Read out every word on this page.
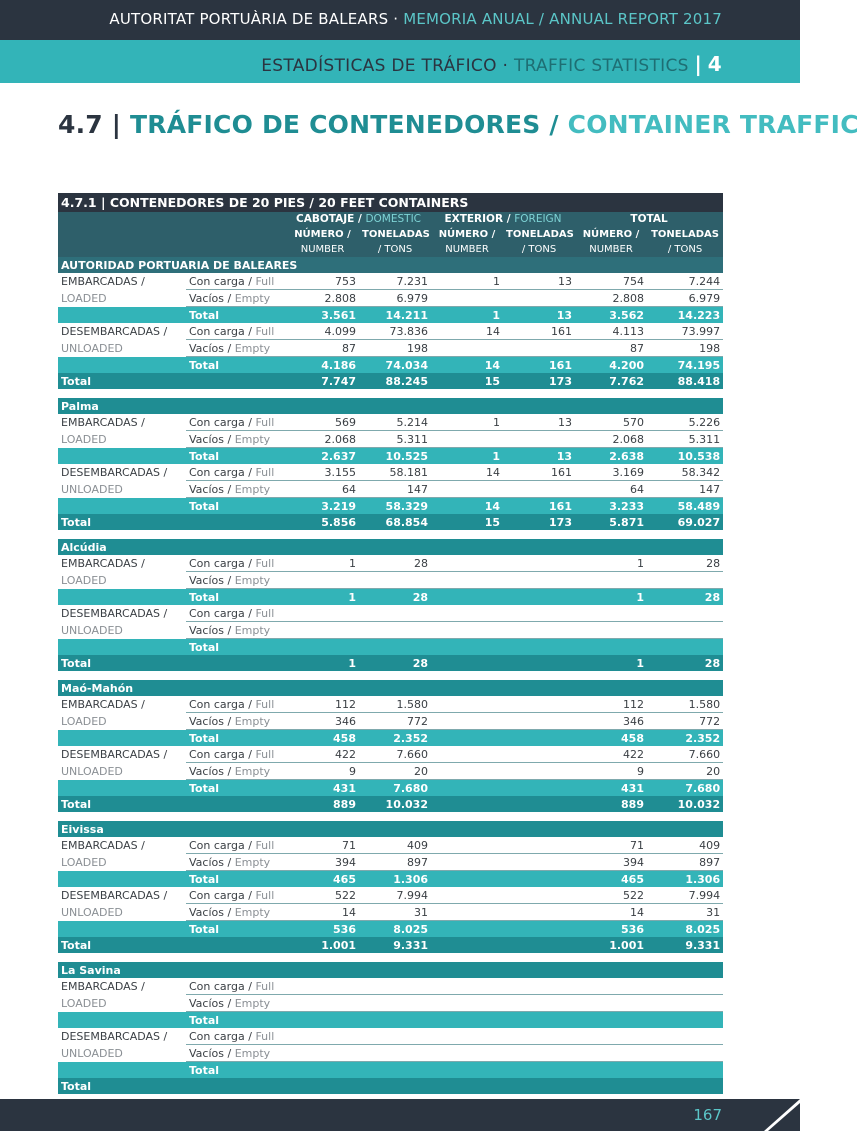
AUTORITAT PORTUÀRIA DE BALEARS · MEMORIA ANUAL / ANNUAL REPORT 2017
ESTADÍSTICAS DE TRÁFICO · TRAFFIC STATISTICS | 4
4.7 | TRÁFICO DE CONTENEDORES / CONTAINER TRAFFIC
4.7.1 | CONTENEDORES DE 20 PIES / 20 FEET CONTAINERS							
		CABOTAJE / DOMESTIC		EXTERIOR / FOREIGN		TOTAL	
		NÚMERO /	TONELADAS	NÚMERO /	TONELADAS	NÚMERO /	TONELADAS
		NUMBER	/ TONS	NUMBER	/ TONS	NUMBER	/ TONS
AUTORIDAD PORTUARIA DE BALEARES							
EMBARCADAS /	Con carga / Full	753	7.231	1	13	754	7.244
LOADED	Vacíos / Empty	2.808	6.979			2.808	6.979
	Total	3.561	14.211	1	13	3.562	14.223
DESEMBARCADAS /	Con carga / Full	4.099	73.836	14	161	4.113	73.997
UNLOADED	Vacíos / Empty	87	198			87	198
	Total	4.186	74.034	14	161	4.200	74.195
Total		7.747	88.245	15	173	7.762	88.418

Palma							
EMBARCADAS /	Con carga / Full	569	5.214	1	13	570	5.226
LOADED	Vacíos / Empty	2.068	5.311			2.068	5.311
	Total	2.637	10.525	1	13	2.638	10.538
DESEMBARCADAS /	Con carga / Full	3.155	58.181	14	161	3.169	58.342
UNLOADED	Vacíos / Empty	64	147			64	147
	Total	3.219	58.329	14	161	3.233	58.489
Total		5.856	68.854	15	173	5.871	69.027

Alcúdia							
EMBARCADAS /	Con carga / Full	1	28			1	28
LOADED	Vacíos / Empty						
	Total	1	28			1	28
DESEMBARCADAS /	Con carga / Full						
UNLOADED	Vacíos / Empty						
	Total						
Total		1	28			1	28

Maó-Mahón							
EMBARCADAS /	Con carga / Full	112	1.580			112	1.580
LOADED	Vacíos / Empty	346	772			346	772
	Total	458	2.352			458	2.352
DESEMBARCADAS /	Con carga / Full	422	7.660			422	7.660
UNLOADED	Vacíos / Empty	9	20			9	20
	Total	431	7.680			431	7.680
Total		889	10.032			889	10.032

Eivissa							
EMBARCADAS /	Con carga / Full	71	409			71	409
LOADED	Vacíos / Empty	394	897			394	897
	Total	465	1.306			465	1.306
DESEMBARCADAS /	Con carga / Full	522	7.994			522	7.994
UNLOADED	Vacíos / Empty	14	31			14	31
	Total	536	8.025			536	8.025
Total		1.001	9.331			1.001	9.331

La Savina							
EMBARCADAS /	Con carga / Full						
LOADED	Vacíos / Empty						
	Total						
DESEMBARCADAS /	Con carga / Full						
UNLOADED	Vacíos / Empty						
	Total						
Total							
167
